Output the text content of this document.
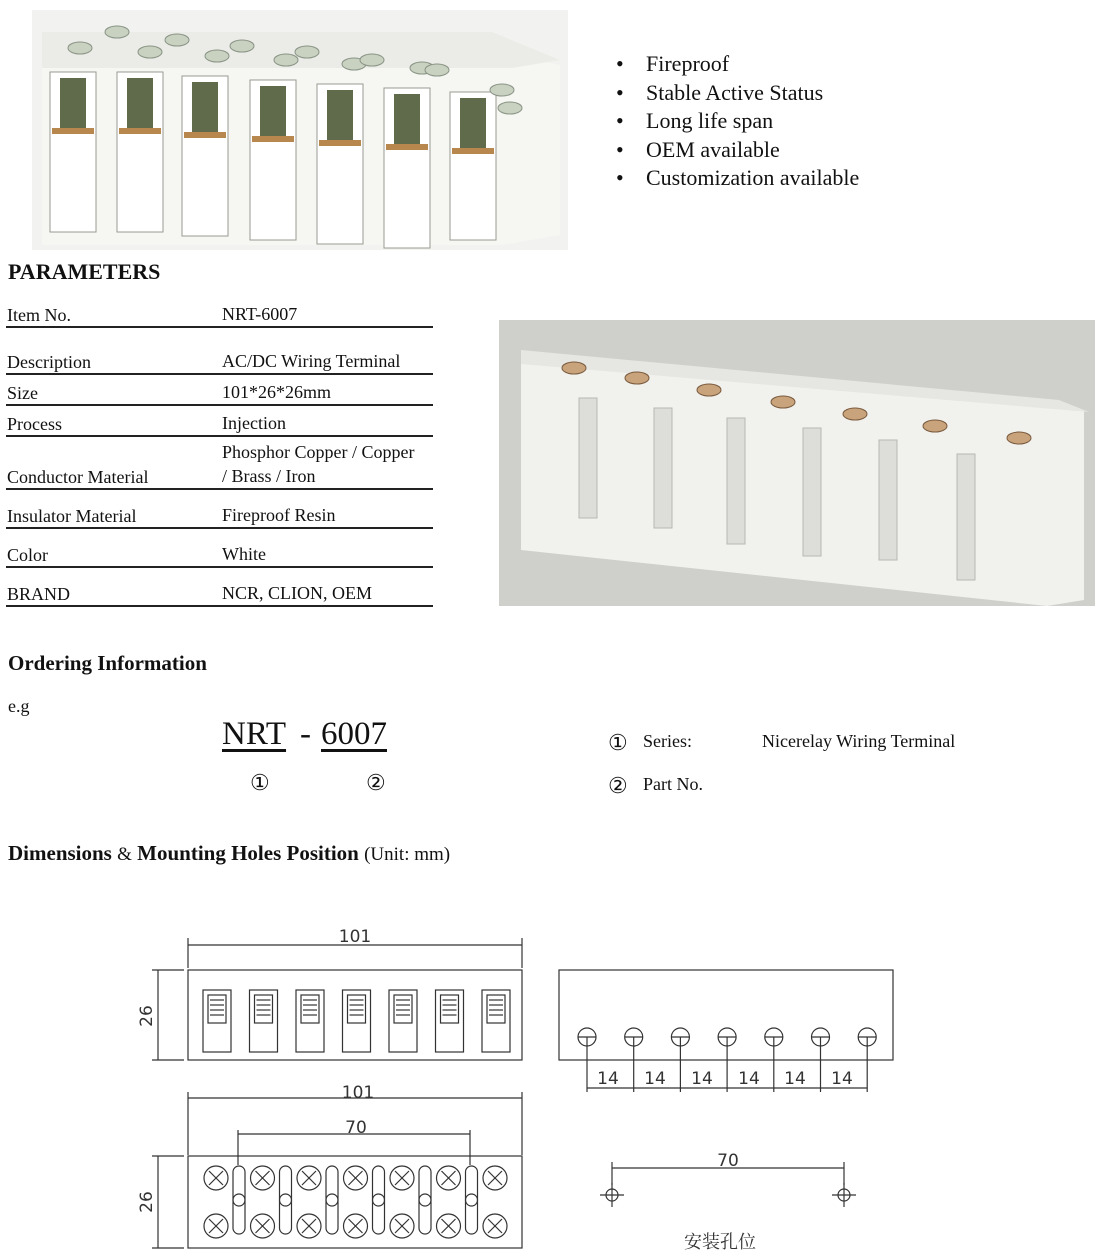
• Fireproof
• Stable Active Status
• Long life span
• OEM available
• Customization available
PARAMETERS
Item No.	NRT-6007
Description	AC/DC Wiring Terminal
Size	101*26*26mm
Process	Injection
Conductor Material	Phosphor Copper / Copper
/ Brass / Iron
Insulator Material	Fireproof Resin
Color	White
BRAND	NCR, CLION, OEM
Ordering Information
e.g
NRT - 6007
①	②
① Series:	Nicerelay Wiring Terminal
② Part No.
Dimensions & Mounting Holes Position (Unit: mm)
101
26
14 14 14 14 14 14
101
70
26
70
安装孔位
